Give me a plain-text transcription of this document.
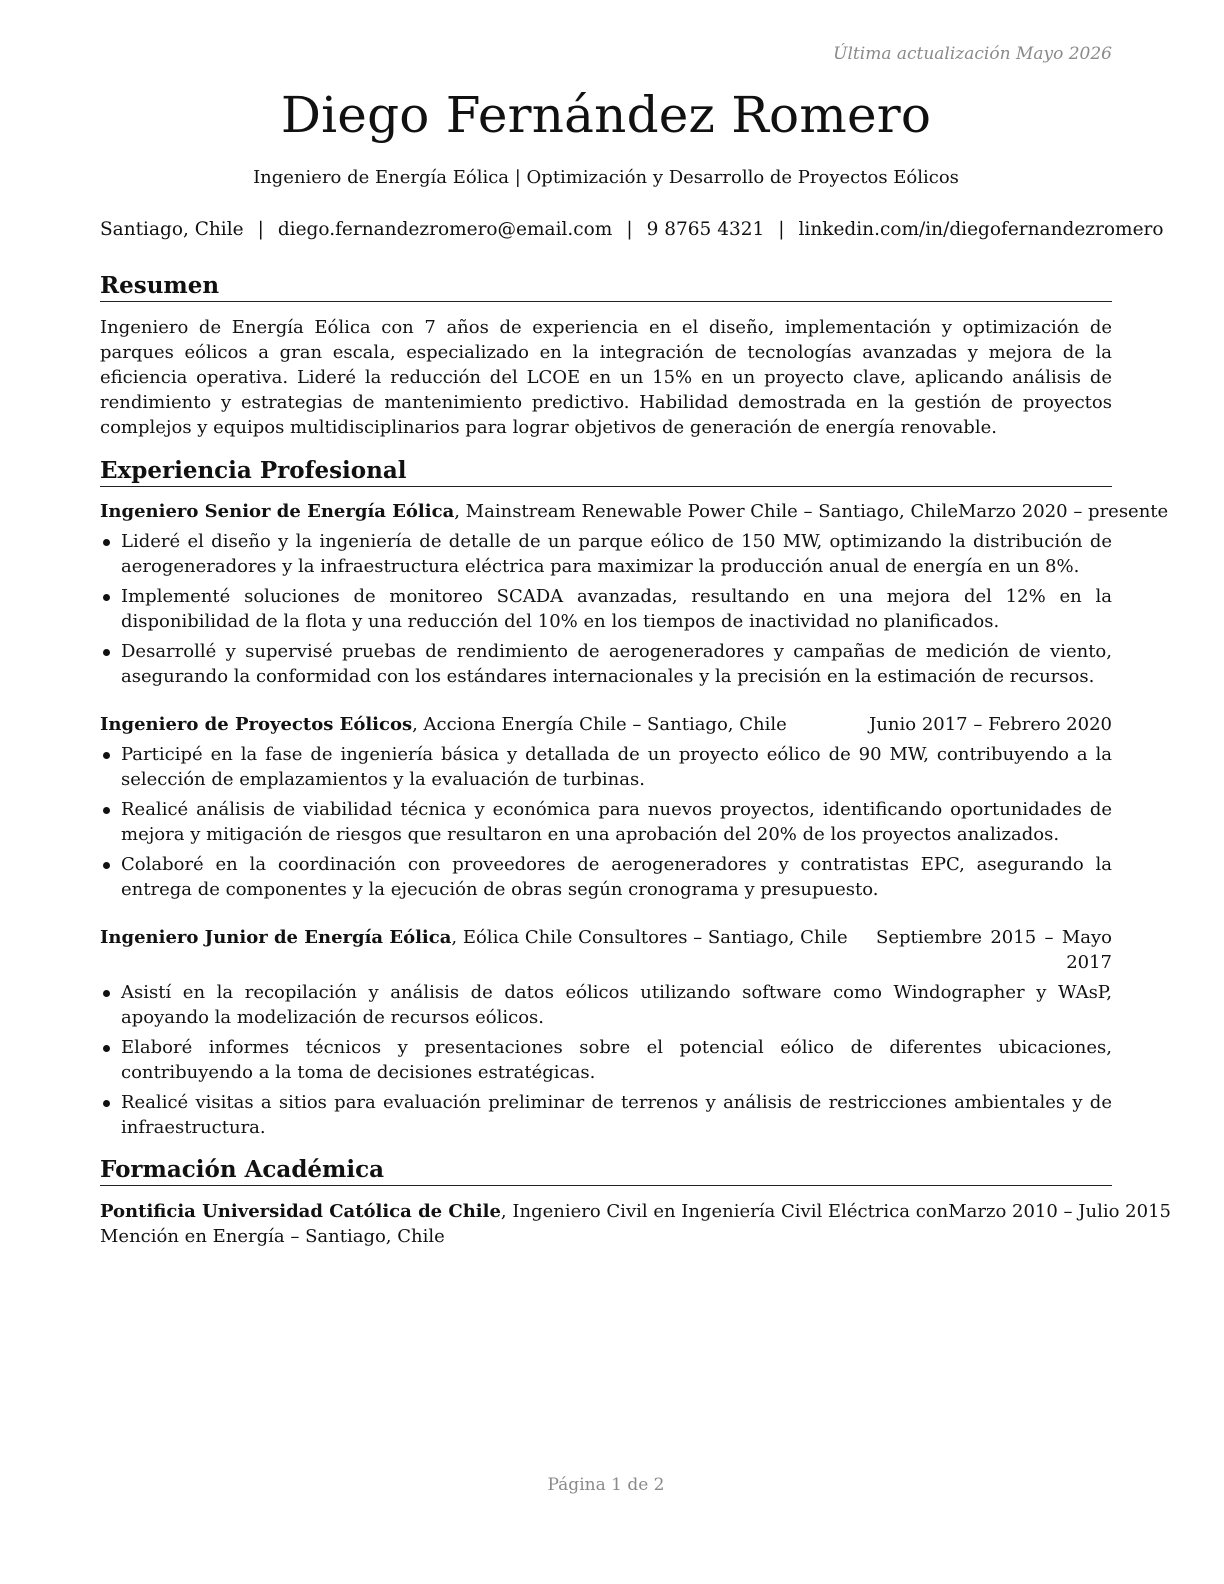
Última actualización Mayo 2026
Diego Fernández Romero
Ingeniero de Energía Eólica | Optimización y Desarrollo de Proyectos Eólicos
Santiago, Chile | diego.fernandezromero@email.com | 9 8765 4321 | linkedin.com/in/diegofernandezromero
Resumen

Ingeniero de Energía Eólica con 7 años de experiencia en el diseño, implementación y optimización de parques eólicos a gran escala, especializado en la integración de tecnologías avanzadas y mejora de la eficiencia operativa. Lideré la reducción del LCOE en un 15% en un proyecto clave, aplicando análisis de rendimiento y estrategias de mantenimiento predictivo. Habilidad demostrada en la gestión de proyectos complejos y equipos multidisciplinarios para lograr objetivos de generación de energía renovable.

Experiencia Profesional
Ingeniero Senior de Energía Eólica, Mainstream Renewable Power Chile – Santiago, Chile Marzo 2020 – presente
Lideré el diseño y la ingeniería de detalle de un parque eólico de 150 MW, optimizando la distribución de aerogeneradores y la infraestructura eléctrica para maximizar la producción anual de energía en un 8%.
Implementé soluciones de monitoreo SCADA avanzadas, resultando en una mejora del 12% en la disponibilidad de la flota y una reducción del 10% en los tiempos de inactividad no planificados.
Desarrollé y supervisé pruebas de rendimiento de aerogeneradores y campañas de medición de viento, asegurando la conformidad con los estándares internacionales y la precisión en la estimación de recursos.
Ingeniero de Proyectos Eólicos, Acciona Energía Chile – Santiago, Chile	Junio 2017 – Febrero 2020
Participé en la fase de ingeniería básica y detallada de un proyecto eólico de 90 MW, contribuyendo a la selección de emplazamientos y la evaluación de turbinas.
Realicé análisis de viabilidad técnica y económica para nuevos proyectos, identificando oportunidades de mejora y mitigación de riesgos que resultaron en una aprobación del 20% de los proyectos analizados.
Colaboré en la coordinación con proveedores de aerogeneradores y contratistas EPC, asegurando la entrega de componentes y la ejecución de obras según cronograma y presupuesto.
Ingeniero Junior de Energía Eólica, Eólica Chile Consultores – Santiago, Chile Septiembre 2015 – Mayo 2017
Asistí en la recopilación y análisis de datos eólicos utilizando software como Windographer y WAsP, apoyando la modelización de recursos eólicos.
Elaboré informes técnicos y presentaciones sobre el potencial eólico de diferentes ubicaciones, contribuyendo a la toma de decisiones estratégicas.
Realicé visitas a sitios para evaluación preliminar de terrenos y análisis de restricciones ambientales y de infraestructura.
Formación Académica
Pontificia Universidad Católica de Chile, Ingeniero Civil en Ingeniería Civil Eléctrica con Marzo 2010 – Julio 2015
Mención en Energía – Santiago, Chile
Página 1 de 2
